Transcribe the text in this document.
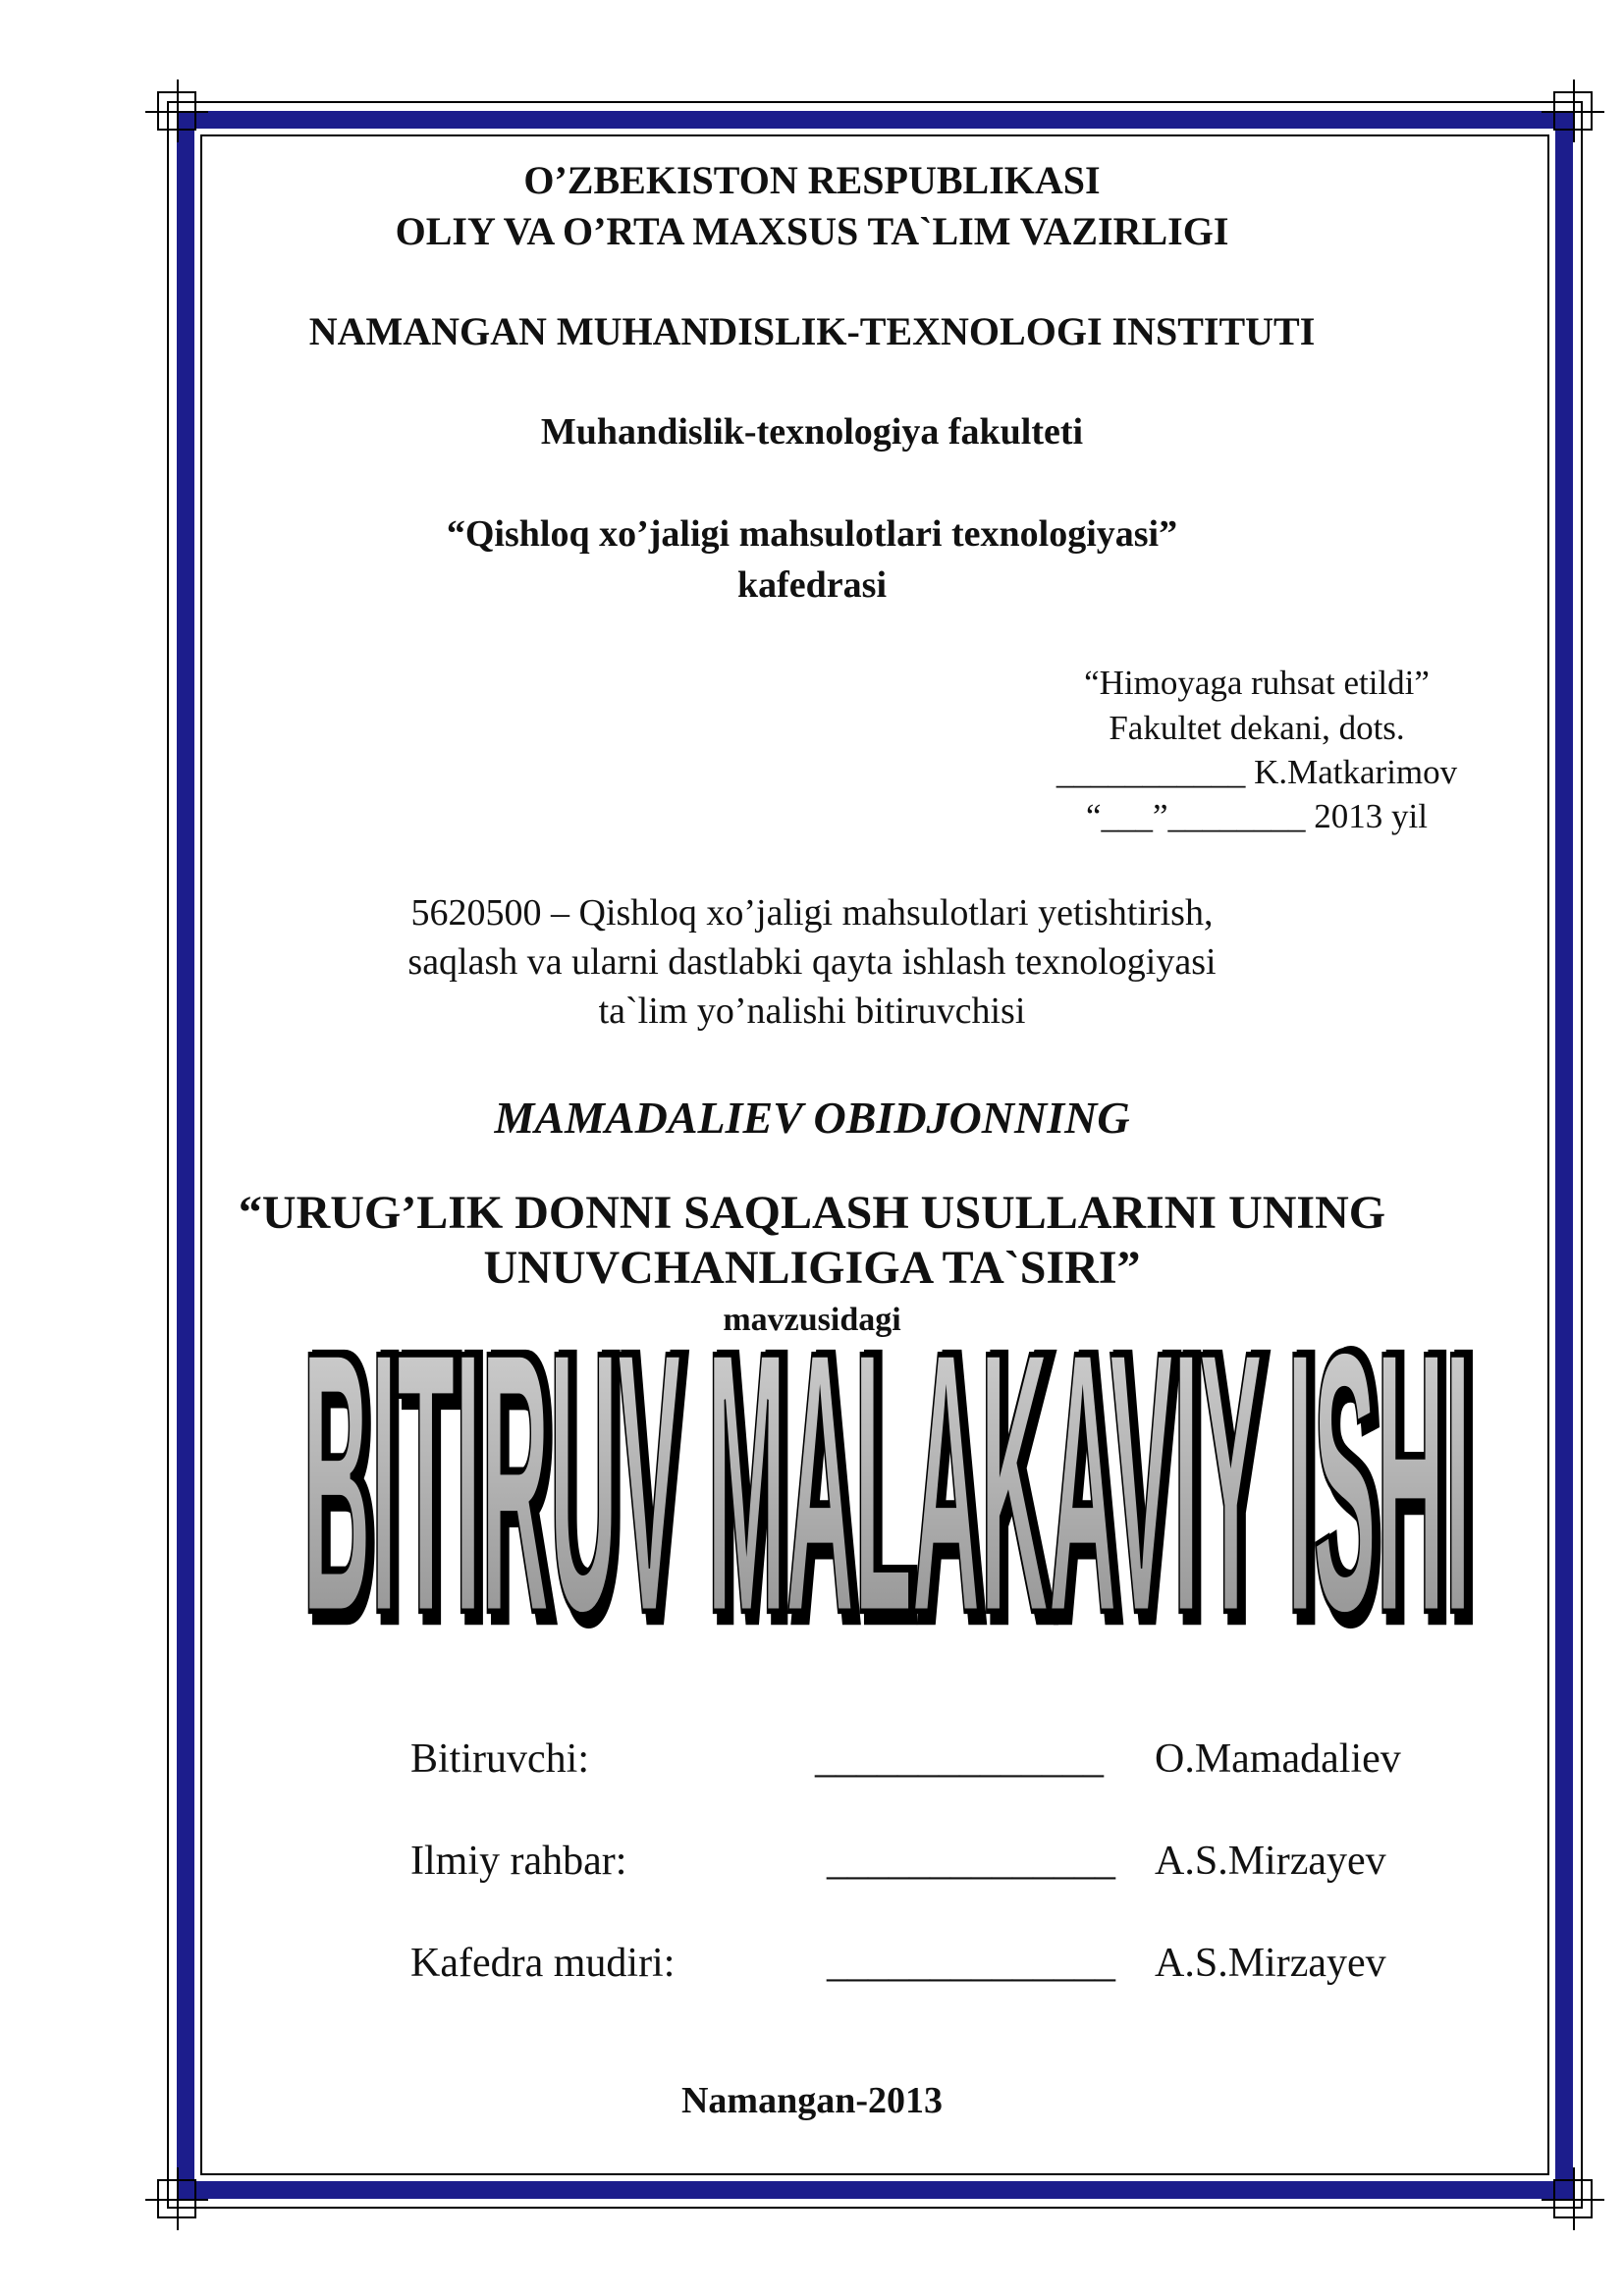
O’ZBEKISTON RESPUBLIKASI
OLIY VA O’RTA MAXSUS TA`LIM VAZIRLIGI
NAMANGAN MUHANDISLIK-TEXNOLOGI INSTITUTI
Muhandislik-texnologiya fakulteti
“Qishloq xo’jaligi mahsulotlari texnologiyasi”
kafedrasi
“Himoyaga ruhsat etildi”
Fakultet dekani, dots.
___________ K.Matkarimov
“___”________ 2013 yil
5620500 – Qishloq xo’jaligi mahsulotlari yetishtirish,
saqlash va ularni dastlabki qayta ishlash texnologiyasi
ta`lim yo’nalishi bitiruvchisi
MAMADALIEV OBIDJONNING
“URUG’LIK DONNI SAQLASH USULLARINI UNING
UNUVCHANLIGIGA TA`SIRI”
mavzusidagi
BITIRUV MALAKAVIY ISHI
BITIRUV MALAKAVIY ISHI
Bitiruvchi:	______________ O.Mamadaliev
Ilmiy rahbar:	______________ A.S.Mirzayev
Kafedra mudiri:	______________ A.S.Mirzayev
Namangan-2013
